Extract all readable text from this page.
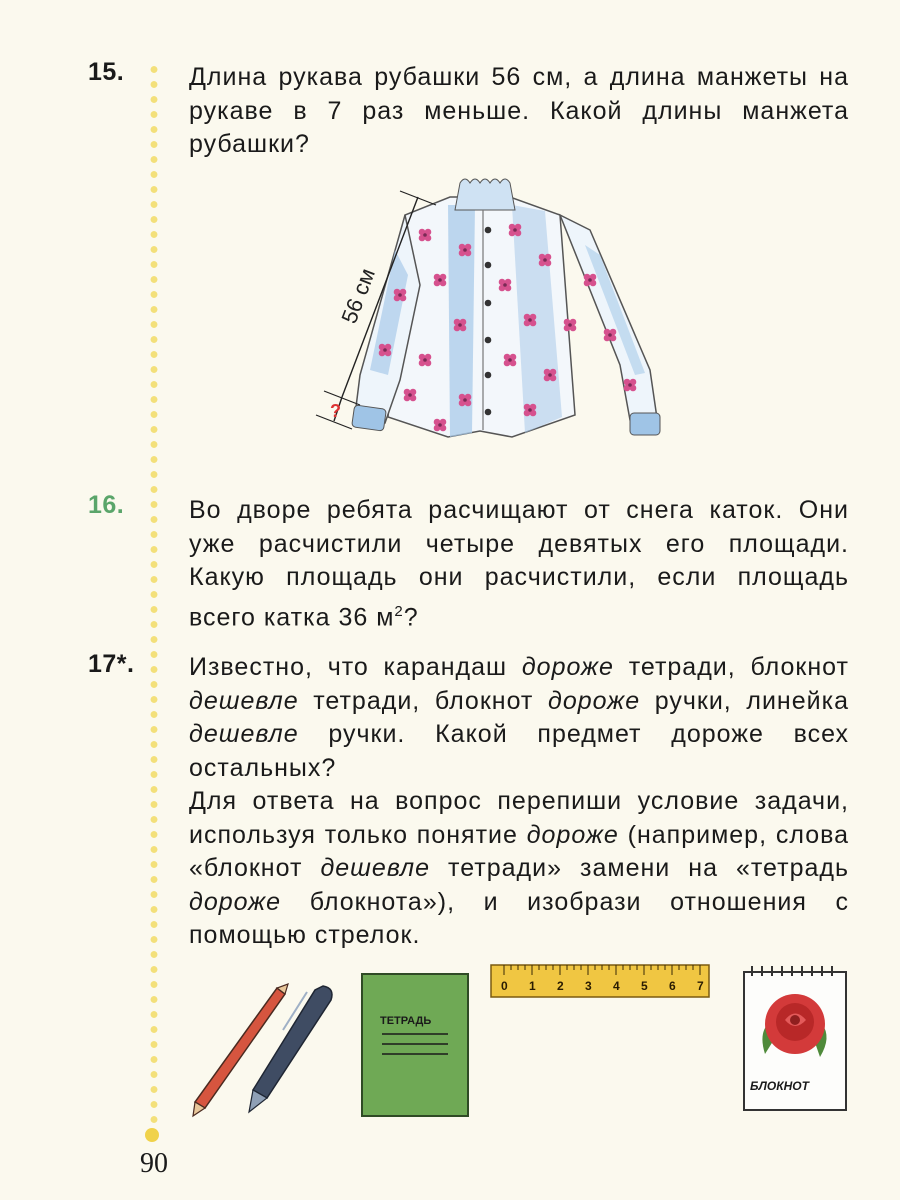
15.	Длина рукава рубашки 56 см, а длина манжеты на рукаве в 7 раз меньше. Какой длины манжета рубашки?

56 см
?
16.	Во дворе ребята расчищают от снега каток. Они уже расчистили четыре девятых его площади. Какую площадь они расчистили, если площадь всего катка 36 $м^2$?

17*. Известно, что карандаш дороже тетради, блокнот дешевле тетради, блокнот дороже ручки, линейка дешевле ручки. Какой предмет дороже всех остальных?

Для ответа на вопрос перепиши условие задачи, используя только понятие дороже (например, слова «блокнот дешевле тетради» замени на «тетрадь дороже блокнота»), и изобрази отношения с помощью стрелок.

ТЕТРАДЬ
0 1 2 3 4 5 6 7
БЛОКНОТ
90
